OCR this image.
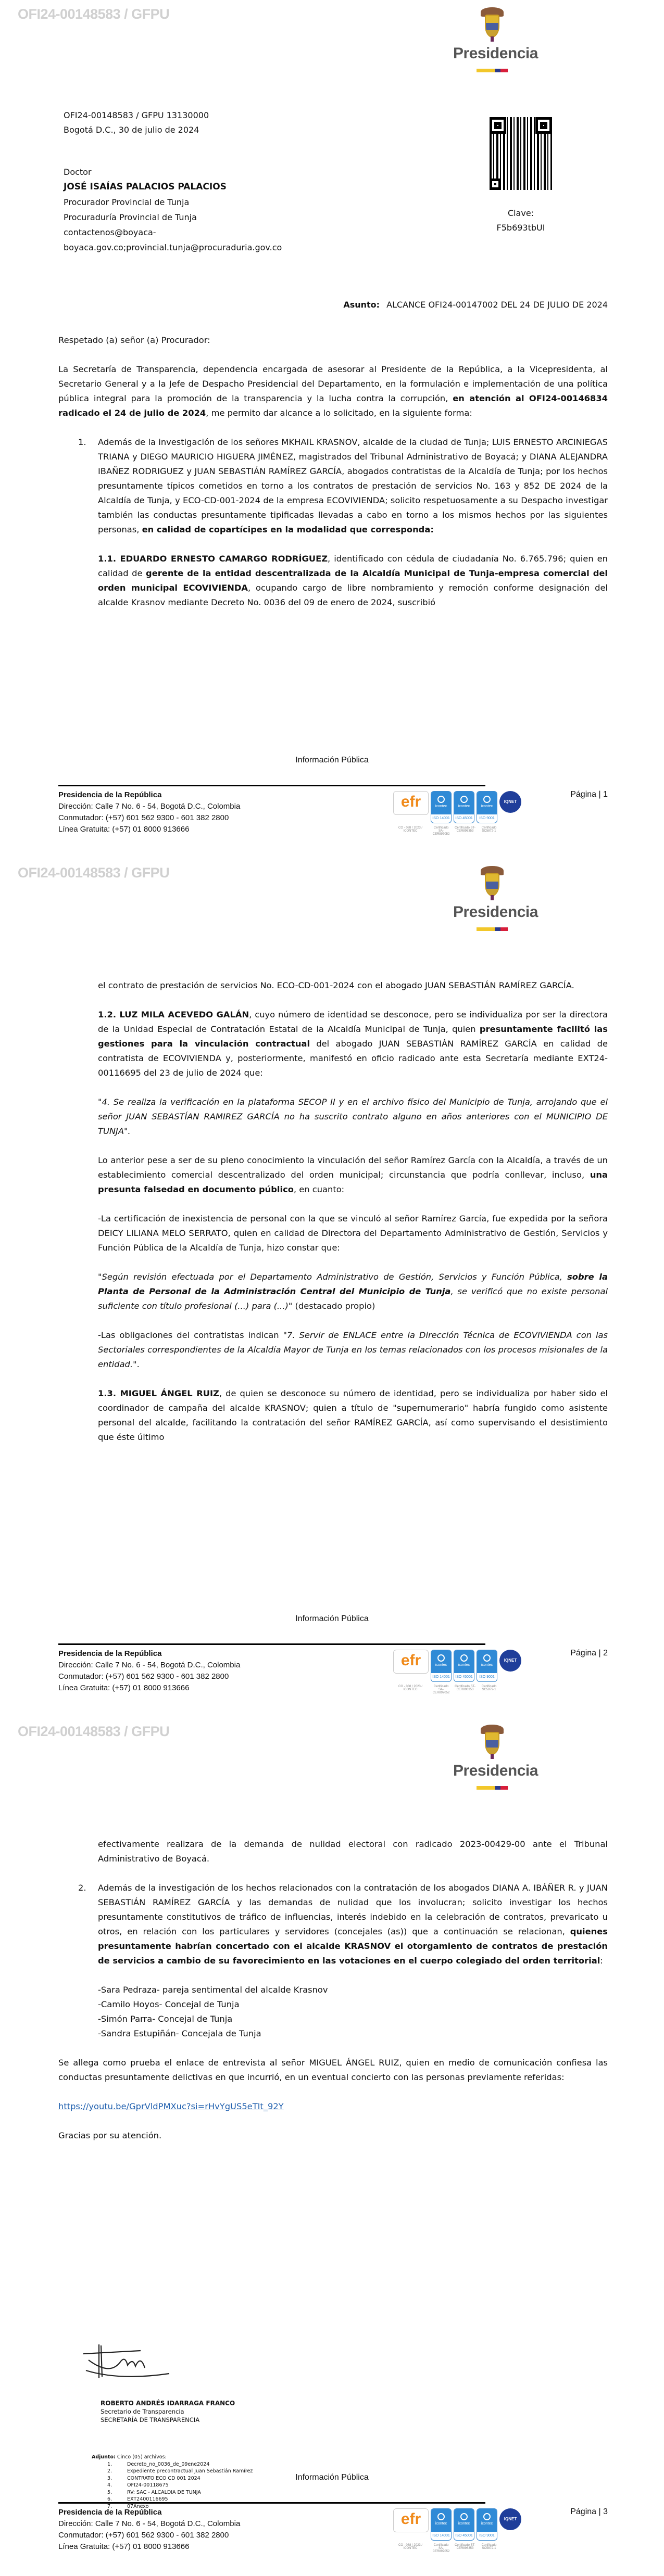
OFI24-00148583 / GFPU
Presidencia
OFI24-00148583 / GFPU 13130000
Bogotá D.C., 30 de julio de 2024
Clave:
F5b693tbUI
Doctor
JOSÉ ISAÍAS PALACIOS PALACIOS
Procurador Provincial de Tunja
Procuraduría Provincial de Tunja
contactenos@boyaca-
boyaca.gov.co;provincial.tunja@procuraduria.gov.co
Asunto: ALCANCE OFI24-00147002 DEL 24 DE JULIO DE 2024

Respetado (a) señor (a) Procurador:

La Secretaría de Transparencia, dependencia encargada de asesorar al Presidente de la República, a la Vicepresidenta, al Secretario General y a la Jefe de Despacho Presidencial del Departamento, en la formulación e implementación de una política pública integral para la promoción de la transparencia y la lucha contra la corrupción, en atención al OFI24-00146834 radicado el 24 de julio de 2024, me permito dar alcance a lo solicitado, en la siguiente forma:

1. Además de la investigación de los señores MKHAIL KRASNOV, alcalde de la ciudad de Tunja; LUIS ERNESTO ARCINIEGAS TRIANA y DIEGO MAURICIO HIGUERA JIMÉNEZ, magistrados del Tribunal Administrativo de Boyacá; y DIANA ALEJANDRA IBAÑEZ RODRIGUEZ y JUAN SEBASTIÁN RAMÍREZ GARCÍA, abogados contratistas de la Alcaldía de Tunja; por los hechos presuntamente típicos cometidos en torno a los contratos de prestación de servicios No. 163 y 852 DE 2024 de la Alcaldía de Tunja, y ECO-CD-001-2024 de la empresa ECOVIVIENDA; solicito respetuosamente a su Despacho investigar también las conductas presuntamente tipificadas llevadas a cabo en torno a los mismos hechos por las siguientes personas, en calidad de copartícipes en la modalidad que corresponda:

1.1. EDUARDO ERNESTO CAMARGO RODRÍGUEZ, identificado con cédula de ciudadanía No. 6.765.796; quien en calidad de gerente de la entidad descentralizada de la Alcaldía Municipal de Tunja-empresa comercial del orden municipal ECOVIVIENDA, ocupando cargo de libre nombramiento y remoción conforme designación del alcalde Krasnov mediante Decreto No. 0036 del 09 de enero de 2024, suscribió

Información Pública
Presidencia de la República
Dirección: Calle 7 No. 6 - 54, Bogotá D.C., Colombia
Conmutador: (+57) 601 562 9300 - 601 382 2800
Línea Gratuita: (+57) 01 8000 913666
efr	icontec
ISO 14001
icontec
ISO 45001
icontec
ISO 9001
IQNET
CO - 088 / 2023 / ICONTEC
Certificado SA-CER897052
Certificado ST-CER896353
Certificado SC5872-1
Página | 1
OFI24-00148583 / GFPU
Presidencia

el contrato de prestación de servicios No. ECO-CD-001-2024 con el abogado JUAN SEBASTIÁN RAMÍREZ GARCÍA.

1.2. LUZ MILA ACEVEDO GALÁN, cuyo número de identidad se desconoce, pero se individualiza por ser la directora de la Unidad Especial de Contratación Estatal de la Alcaldía Municipal de Tunja, quien presuntamente facilitó las gestiones para la vinculación contractual del abogado JUAN SEBASTIÁN RAMÍREZ GARCÍA en calidad de contratista de ECOVIVIENDA y, posteriormente, manifestó en oficio radicado ante esta Secretaría mediante EXT24-00116695 del 23 de julio de 2024 que:

"4. Se realiza la verificación en la plataforma SECOP II y en el archivo físico del Municipio de Tunja, arrojando que el señor JUAN SEBASTÍAN RAMIREZ GARCÍA no ha suscrito contrato alguno en años anteriores con el MUNICIPIO DE TUNJA".

Lo anterior pese a ser de su pleno conocimiento la vinculación del señor Ramírez García con la Alcaldía, a través de un establecimiento comercial descentralizado del orden municipal; circunstancia que podría conllevar, incluso, una presunta falsedad en documento público, en cuanto:

-La certificación de inexistencia de personal con la que se vinculó al señor Ramírez García, fue expedida por la señora DEICY LILIANA MELO SERRATO, quien en calidad de Directora del Departamento Administrativo de Gestión, Servicios y Función Pública de la Alcaldía de Tunja, hizo constar que:

"Según revisión efectuada por el Departamento Administrativo de Gestión, Servicios y Función Pública, sobre la Planta de Personal de la Administración Central del Municipio de Tunja, se verificó que no existe personal suficiente con título profesional (...) para (...)" (destacado propio)

-Las obligaciones del contratistas indican "7. Servir de ENLACE entre la Dirección Técnica de ECOVIVIENDA con las Sectoriales correspondientes de la Alcaldía Mayor de Tunja en los temas relacionados con los procesos misionales de la entidad.".

1.3. MIGUEL ÁNGEL RUIZ, de quien se desconoce su número de identidad, pero se individualiza por haber sido el coordinador de campaña del alcalde KRASNOV; quien a título de "supernumerario" habría fungido como asistente personal del alcalde, facilitando la contratación del señor RAMÍREZ GARCÍA, así como supervisando el desistimiento que éste último

Información Pública
Presidencia de la República
Dirección: Calle 7 No. 6 - 54, Bogotá D.C., Colombia
Conmutador: (+57) 601 562 9300 - 601 382 2800
Línea Gratuita: (+57) 01 8000 913666
efr	icontec
ISO 14001
icontec
ISO 45001
icontec
ISO 9001
IQNET
CO - 088 / 2023 / ICONTEC
Certificado SA-CER897052
Certificado ST-CER896353
Certificado SC5872-1
Página | 2
OFI24-00148583 / GFPU
Presidencia

efectivamente realizara de la demanda de nulidad electoral con radicado 2023-00429-00 ante el Tribunal Administrativo de Boyacá.

2. Además de la investigación de los hechos relacionados con la contratación de los abogados DIANA A. IBÁÑER R. y JUAN SEBASTIÁN RAMÍREZ GARCÍA y las demandas de nulidad que los involucran; solicito investigar los hechos presuntamente constitutivos de tráfico de influencias, interés indebido en la celebración de contratos, prevaricato u otros, en relación con los particulares y servidores (concejales (as)) que a continuación se relacionan, quienes presuntamente habrían concertado con el alcalde KRASNOV el otorgamiento de contratos de prestación de servicios a cambio de su favorecimiento en las votaciones en el cuerpo colegiado del orden territorial:

-Sara Pedraza- pareja sentimental del alcalde Krasnov
-Camilo Hoyos- Concejal de Tunja
-Simón Parra- Concejal de Tunja
-Sandra Estupiñán- Concejala de Tunja

Se allega como prueba el enlace de entrevista al señor MIGUEL ÁNGEL RUIZ, quien en medio de comunicación confiesa las conductas presuntamente delictivas en que incurrió, en un eventual concierto con las personas previamente referidas:

https://youtu.be/GprVldPMXuc?si=rHvYgUS5eTIt_92Y

Gracias por su atención.

ROBERTO ANDRÉS IDARRAGA FRANCO
Secretario de Transparencia
SECRETARÍA DE TRANSPARENCIA
Adjunto: Cinco (05) archivos:
1.	Decreto_no_0036_de_09ene2024
2.	Expediente precontractual Juan Sebastián Ramírez
3.	CONTRATO ECO CD 001 2024
4.	OFI24-00118675
5.	RV: SAC - ALCALDIA DE TUNJA
6.	EXT2400116695
7.	07Anexo
Información Pública
Presidencia de la República
Dirección: Calle 7 No. 6 - 54, Bogotá D.C., Colombia
Conmutador: (+57) 601 562 9300 - 601 382 2800
Línea Gratuita: (+57) 01 8000 913666
efr	icontec
ISO 14001
icontec
ISO 45001
icontec
ISO 9001
IQNET
CO - 088 / 2023 / ICONTEC
Certificado SA-CER897052
Certificado ST-CER896353
Certificado SC5872-1
Página | 3
